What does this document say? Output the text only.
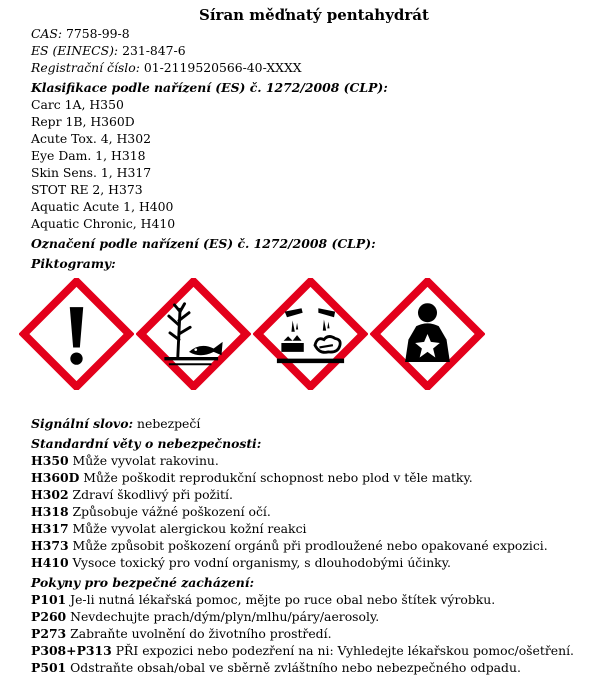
Síran měďnatý pentahydrát
CAS: 7758-99-8
ES (EINECS): 231-847-6
Registrační číslo: 01-2119520566-40-XXXX
Klasifikace podle nařízení (ES) č. 1272/2008 (CLP):
Carc 1A, H350
Repr 1B, H360D
Acute Tox. 4, H302
Eye Dam. 1, H318
Skin Sens. 1, H317
STOT RE 2, H373
Aquatic Acute 1, H400
Aquatic Chronic, H410
Označení podle nařízení (ES) č. 1272/2008 (CLP):
Piktogramy:
Signální slovo: nebezpečí
Standardní věty o nebezpečnosti:
H350 Může vyvolat rakovinu.
H360D Může poškodit reprodukční schopnost nebo plod v těle matky.
H302 Zdraví škodlivý při požití.
H318 Způsobuje vážné poškození očí.
H317 Může vyvolat alergickou kožní reakci
H373 Může způsobit poškození orgánů při prodloužené nebo opakované expozici.
H410 Vysoce toxický pro vodní organismy, s dlouhodobými účinky.
Pokyny pro bezpečné zacházení:
P101 Je-li nutná lékařská pomoc, mějte po ruce obal nebo štítek výrobku.
P260 Nevdechujte prach/dým/plyn/mlhu/páry/aerosoly.
P273 Zabraňte uvolnění do životního prostředí.
P308+P313 PŘI expozici nebo podezření na ni: Vyhledejte lékařskou pomoc/ošetření.
P501 Odstraňte obsah/obal ve sběrně zvláštního nebo nebezpečného odpadu.
